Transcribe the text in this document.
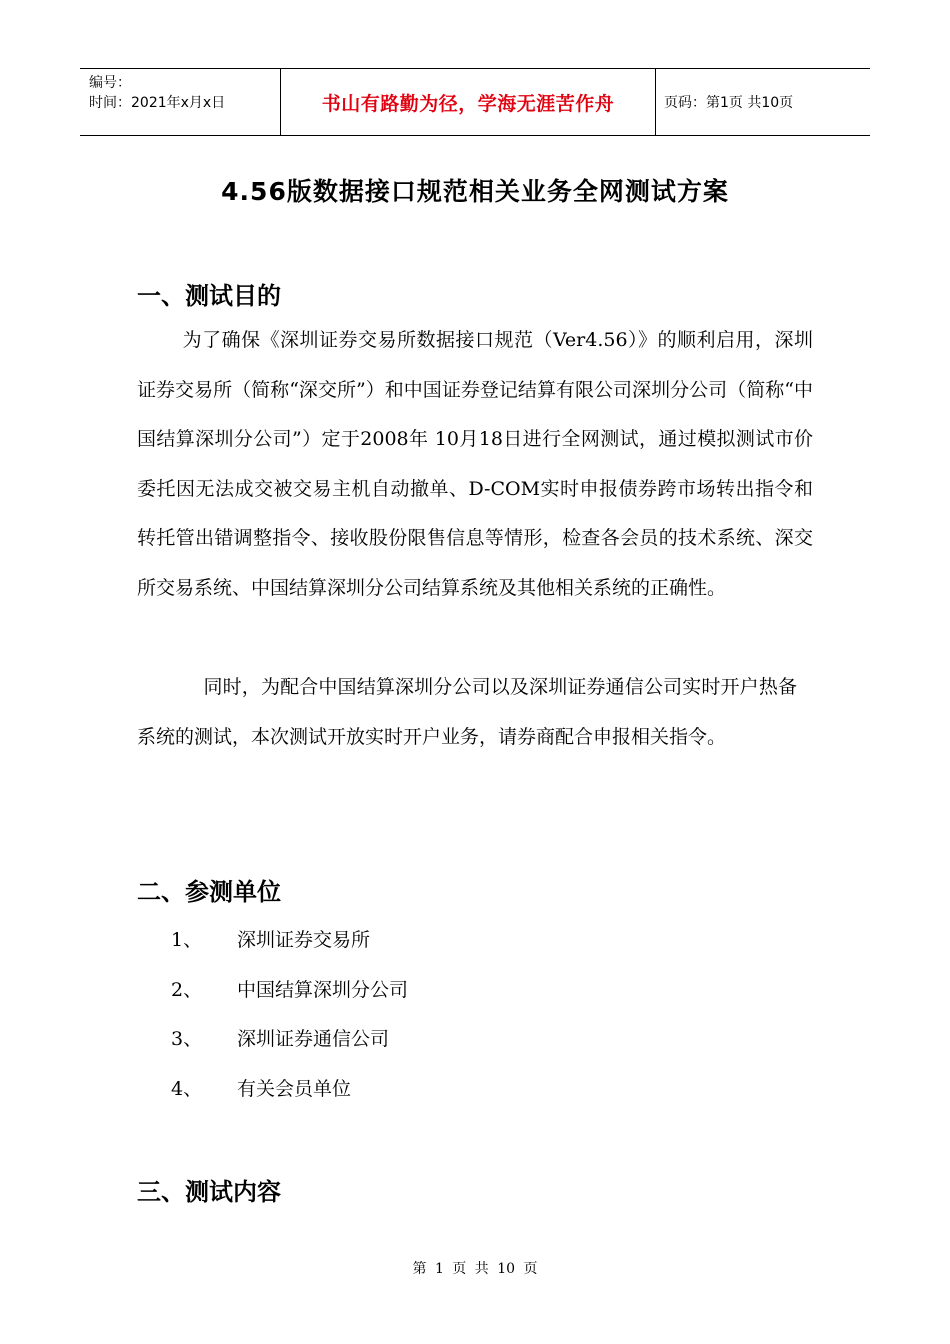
编号：
时间：2021年x月x日	书山有路勤为径，学海无涯苦作舟	页码：第1页 共10页
4.56版数据接口规范相关业务全网测试方案
一、测试目的

为了确保《深圳证券交易所数据接口规范（Ver4.56）》的顺利启用，深圳证券交易所（简称“深交所”）和中国证券登记结算有限公司深圳分公司（简称“中国结算深圳分公司”）定于2008年 10月18日进行全网测试，通过模拟测试市价委托因无法成交被交易主机自动撤单、D-COM实时申报债券跨市场转出指令和转托管出错调整指令、接收股份限售信息等情形，检查各会员的技术系统、深交所交易系统、中国结算深圳分公司结算系统及其他相关系统的正确性。

同时，为配合中国结算深圳分公司以及深圳证券通信公司实时开户热备系统的测试，本次测试开放实时开户业务，请券商配合申报相关指令。

二、参测单位
1、 深圳证券交易所
2、 中国结算深圳分公司
3、 深圳证券通信公司
4、 有关会员单位
三、测试内容
第 1 页 共 10 页
